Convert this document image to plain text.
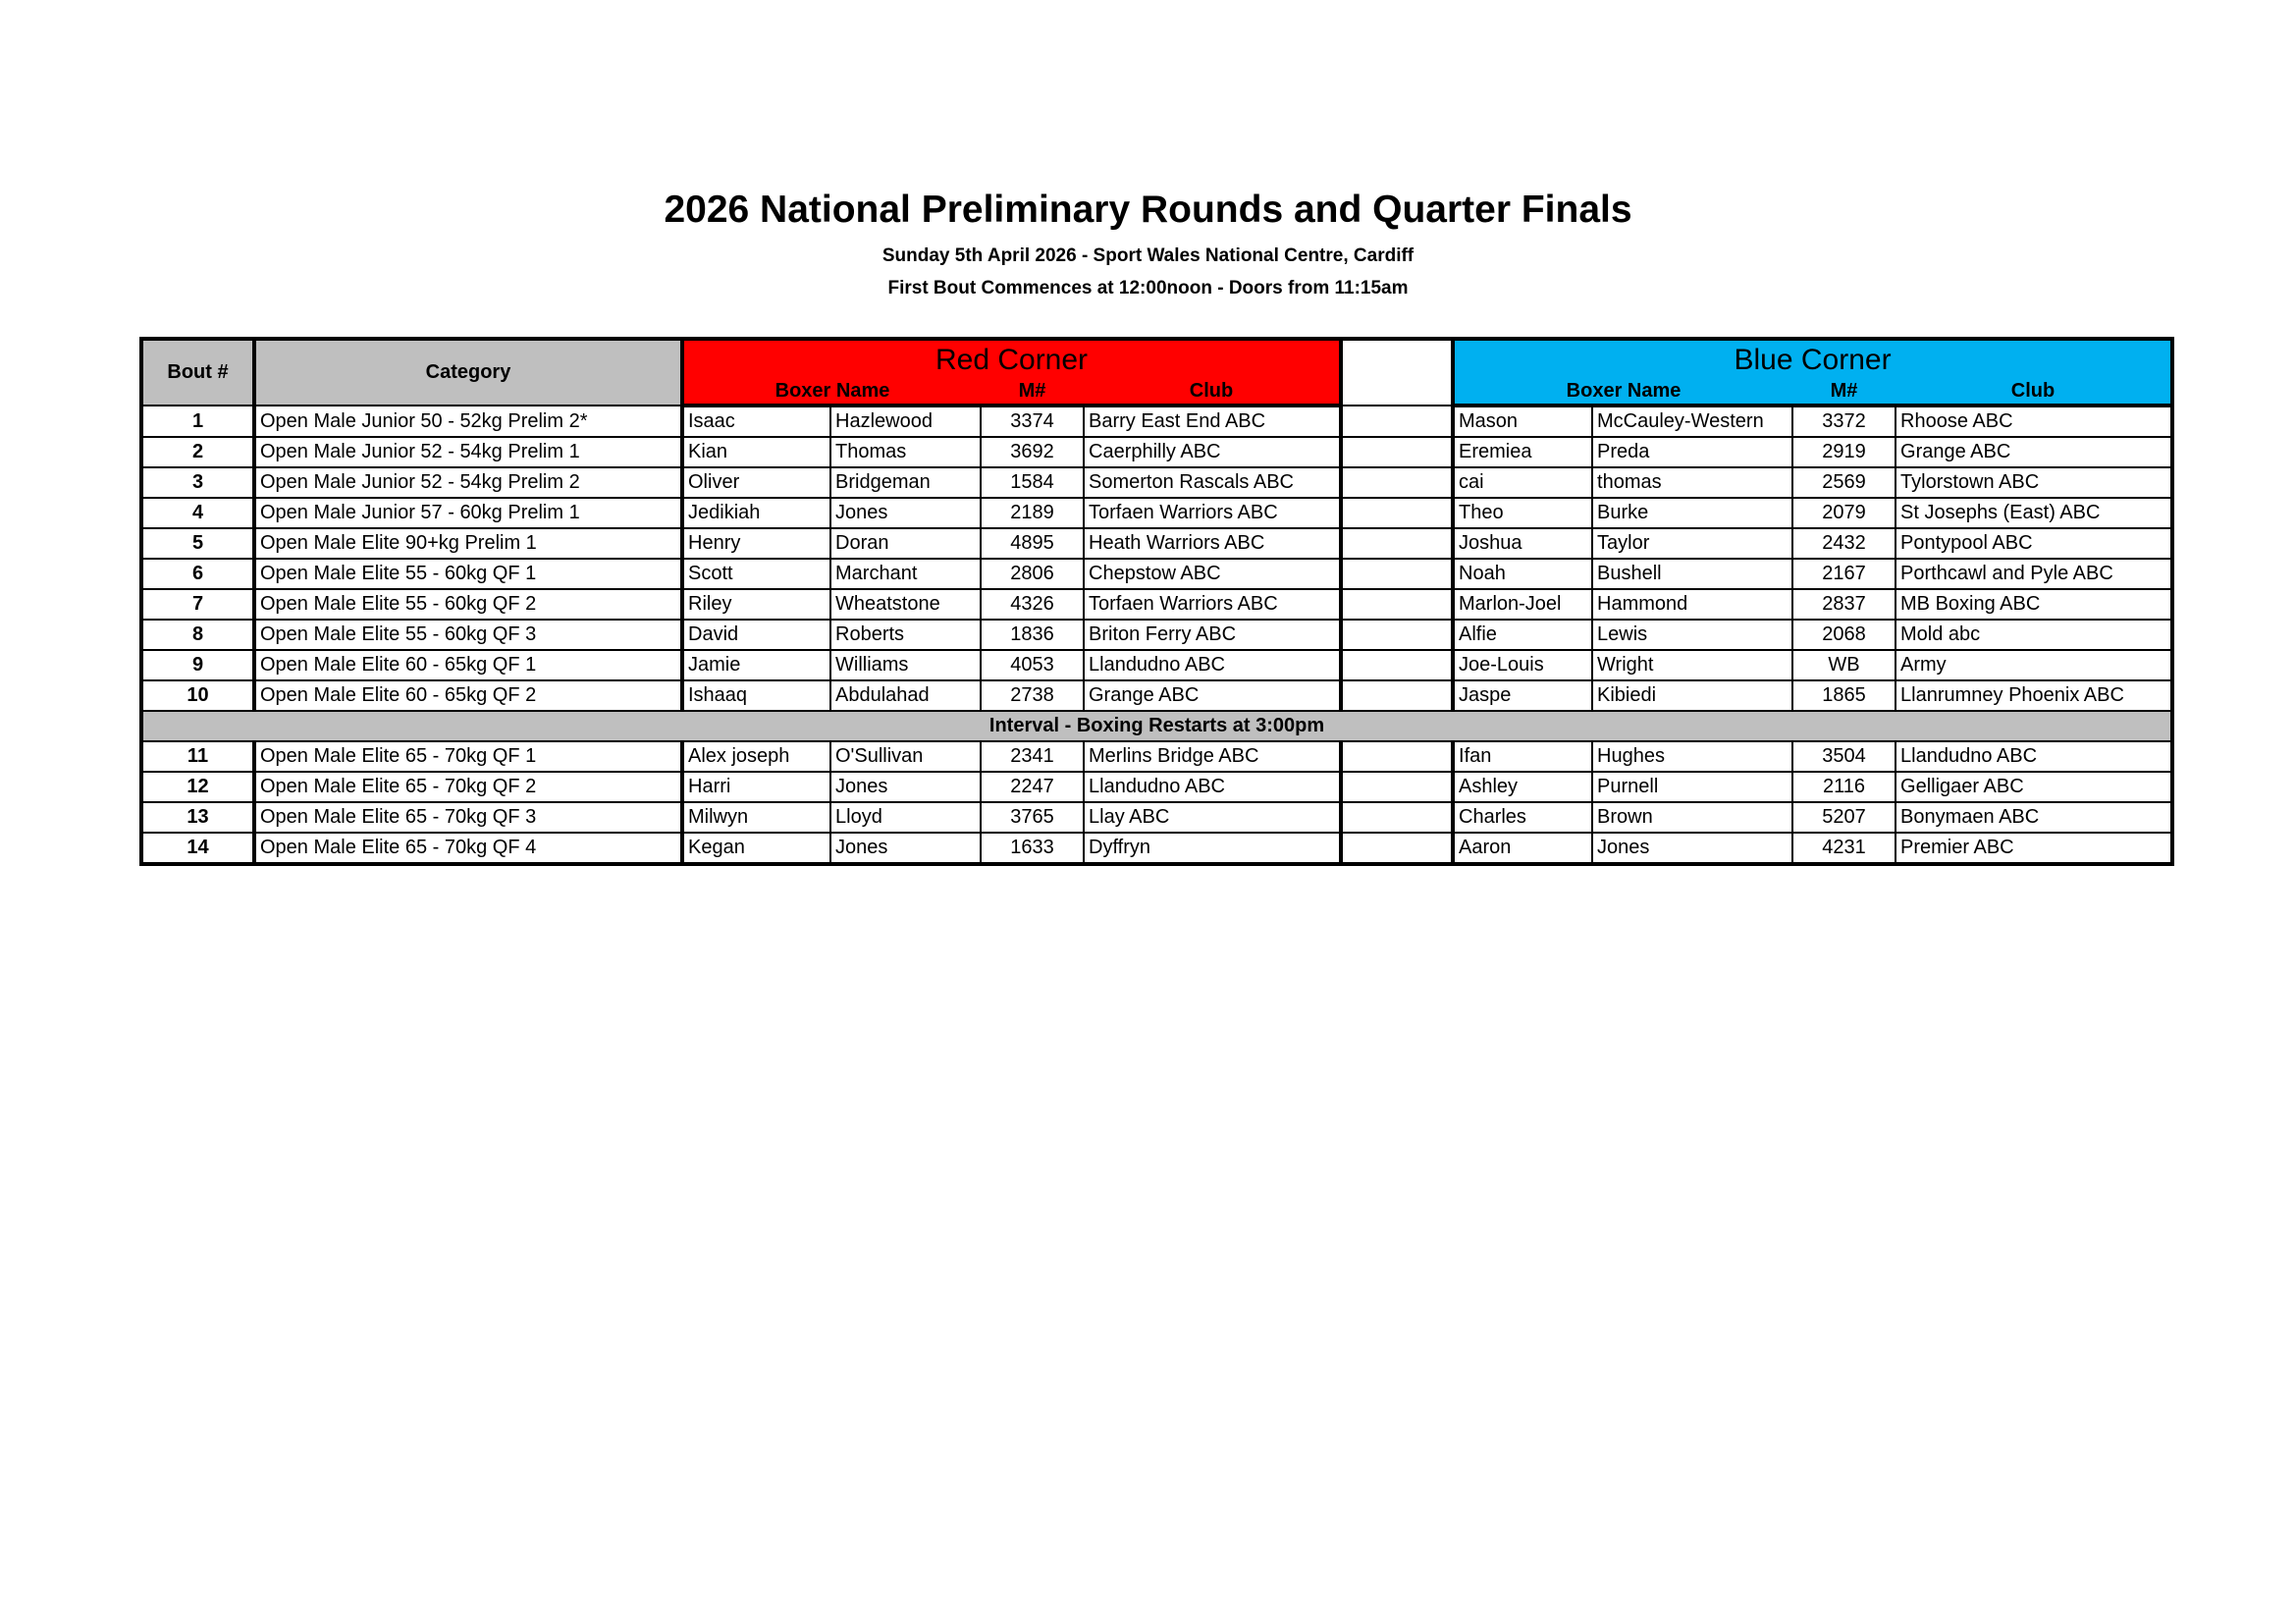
2026 National Preliminary Rounds and Quarter Finals
Sunday 5th April 2026 - Sport Wales National Centre, Cardiff
First Bout Commences at 12:00noon - Doors from 11:15am
Bout #	Category	Red Corner					Blue Corner			
		Boxer Name		M#	Club		Boxer Name		M#	Club
1	Open Male Junior 50 - 52kg Prelim 2*	Isaac	Hazlewood	3374	Barry East End ABC		Mason	McCauley-Western	3372	Rhoose ABC
2	Open Male Junior 52 - 54kg Prelim 1	Kian	Thomas	3692	Caerphilly ABC		Eremiea	Preda	2919	Grange ABC
3	Open Male Junior 52 - 54kg Prelim 2	Oliver	Bridgeman	1584	Somerton Rascals ABC		cai	thomas	2569	Tylorstown ABC
4	Open Male Junior 57 - 60kg Prelim 1	Jedikiah	Jones	2189	Torfaen Warriors ABC		Theo	Burke	2079	St Josephs (East) ABC
5	Open Male Elite 90+kg Prelim 1	Henry	Doran	4895	Heath Warriors ABC		Joshua	Taylor	2432	Pontypool ABC
6	Open Male Elite 55 - 60kg QF 1	Scott	Marchant	2806	Chepstow ABC		Noah	Bushell	2167	Porthcawl and Pyle ABC
7	Open Male Elite 55 - 60kg QF 2	Riley	Wheatstone	4326	Torfaen Warriors ABC		Marlon-Joel	Hammond	2837	MB Boxing ABC
8	Open Male Elite 55 - 60kg QF 3	David	Roberts	1836	Briton Ferry ABC		Alfie	Lewis	2068	Mold abc
9	Open Male Elite 60 - 65kg QF 1	Jamie	Williams	4053	Llandudno ABC		Joe-Louis	Wright	WB	Army
10	Open Male Elite 60 - 65kg QF 2	Ishaaq	Abdulahad	2738	Grange ABC		Jaspe	Kibiedi	1865	Llanrumney Phoenix ABC
Interval - Boxing Restarts at 3:00pm										
11	Open Male Elite 65 - 70kg QF 1	Alex joseph	O'Sullivan	2341	Merlins Bridge ABC		Ifan	Hughes	3504	Llandudno ABC
12	Open Male Elite 65 - 70kg QF 2	Harri	Jones	2247	Llandudno ABC		Ashley	Purnell	2116	Gelligaer ABC
13	Open Male Elite 65 - 70kg QF 3	Milwyn	Lloyd	3765	Llay ABC		Charles	Brown	5207	Bonymaen ABC
14	Open Male Elite 65 - 70kg QF 4	Kegan	Jones	1633	Dyffryn		Aaron	Jones	4231	Premier ABC
